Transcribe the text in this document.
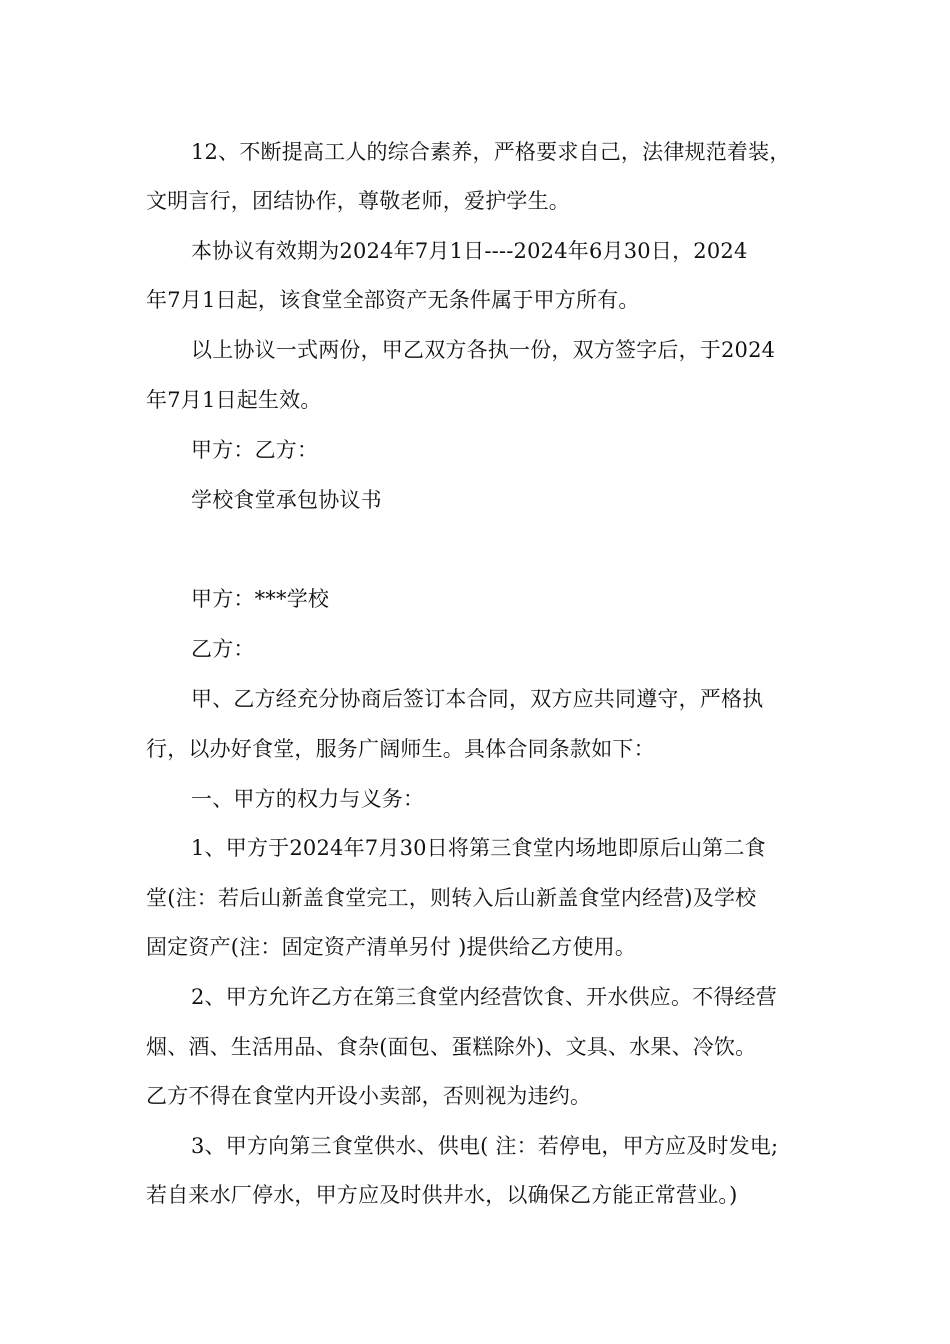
12、不断提高工人的综合素养，严格要求自己，法律规范着装，
文明言行，团结协作，尊敬老师，爱护学生。
本协议有效期为2024年7月1日----2024年6月30日，2024
年7月1日起，该食堂全部资产无条件属于甲方所有。
以上协议一式两份，甲乙双方各执一份，双方签字后，于2024
年7月1日起生效。
甲方：乙方：
学校食堂承包协议书
甲方：***学校
乙方：
甲、乙方经充分协商后签订本合同，双方应共同遵守，严格执
行，以办好食堂，服务广阔师生。具体合同条款如下：
一、甲方的权力与义务：
1、甲方于2024年7月30日将第三食堂内场地即原后山第二食
堂(注：若后山新盖食堂完工，则转入后山新盖食堂内经营)及学校
固定资产(注：固定资产清单另付 )提供给乙方使用。
2、甲方允许乙方在第三食堂内经营饮食、开水供应。不得经营
烟、酒、生活用品、食杂(面包、蛋糕除外)、文具、水果、冷饮。
乙方不得在食堂内开设小卖部，否则视为违约。
3、甲方向第三食堂供水、供电( 注：若停电，甲方应及时发电;
若自来水厂停水，甲方应及时供井水，以确保乙方能正常营业。)
